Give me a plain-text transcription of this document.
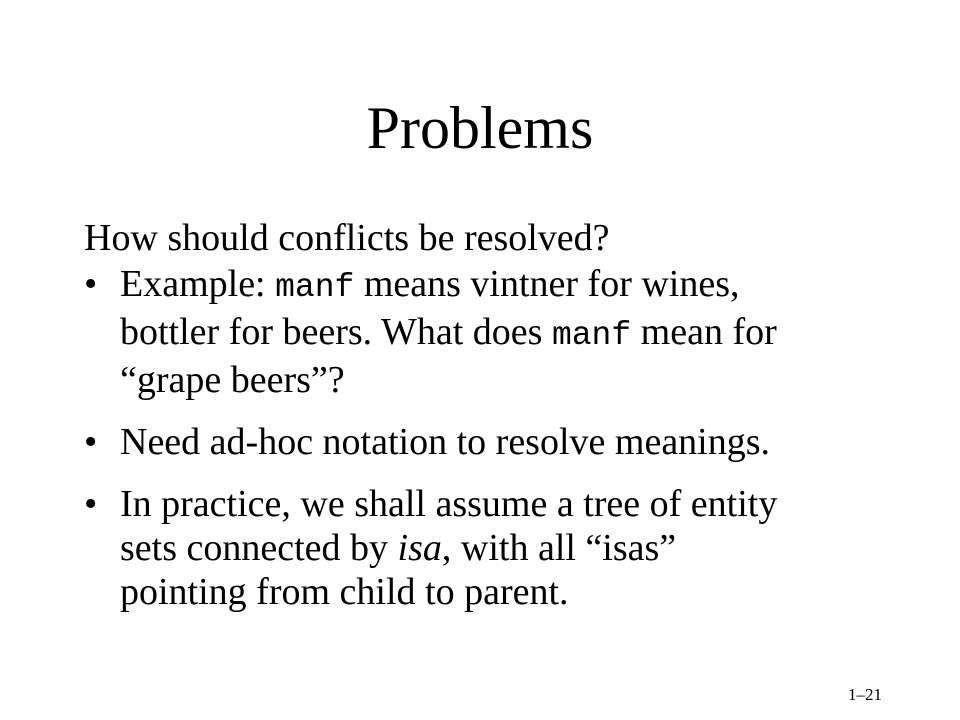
Problems
How should conflicts be resolved?
• Example: manf means vintner for wines,
bottler for beers. What does manf mean for
“grape beers”?
• Need ad-hoc notation to resolve meanings.
• In practice, we shall assume a tree of entity
sets connected by isa, with all “isas”
pointing from child to parent.
1–21
